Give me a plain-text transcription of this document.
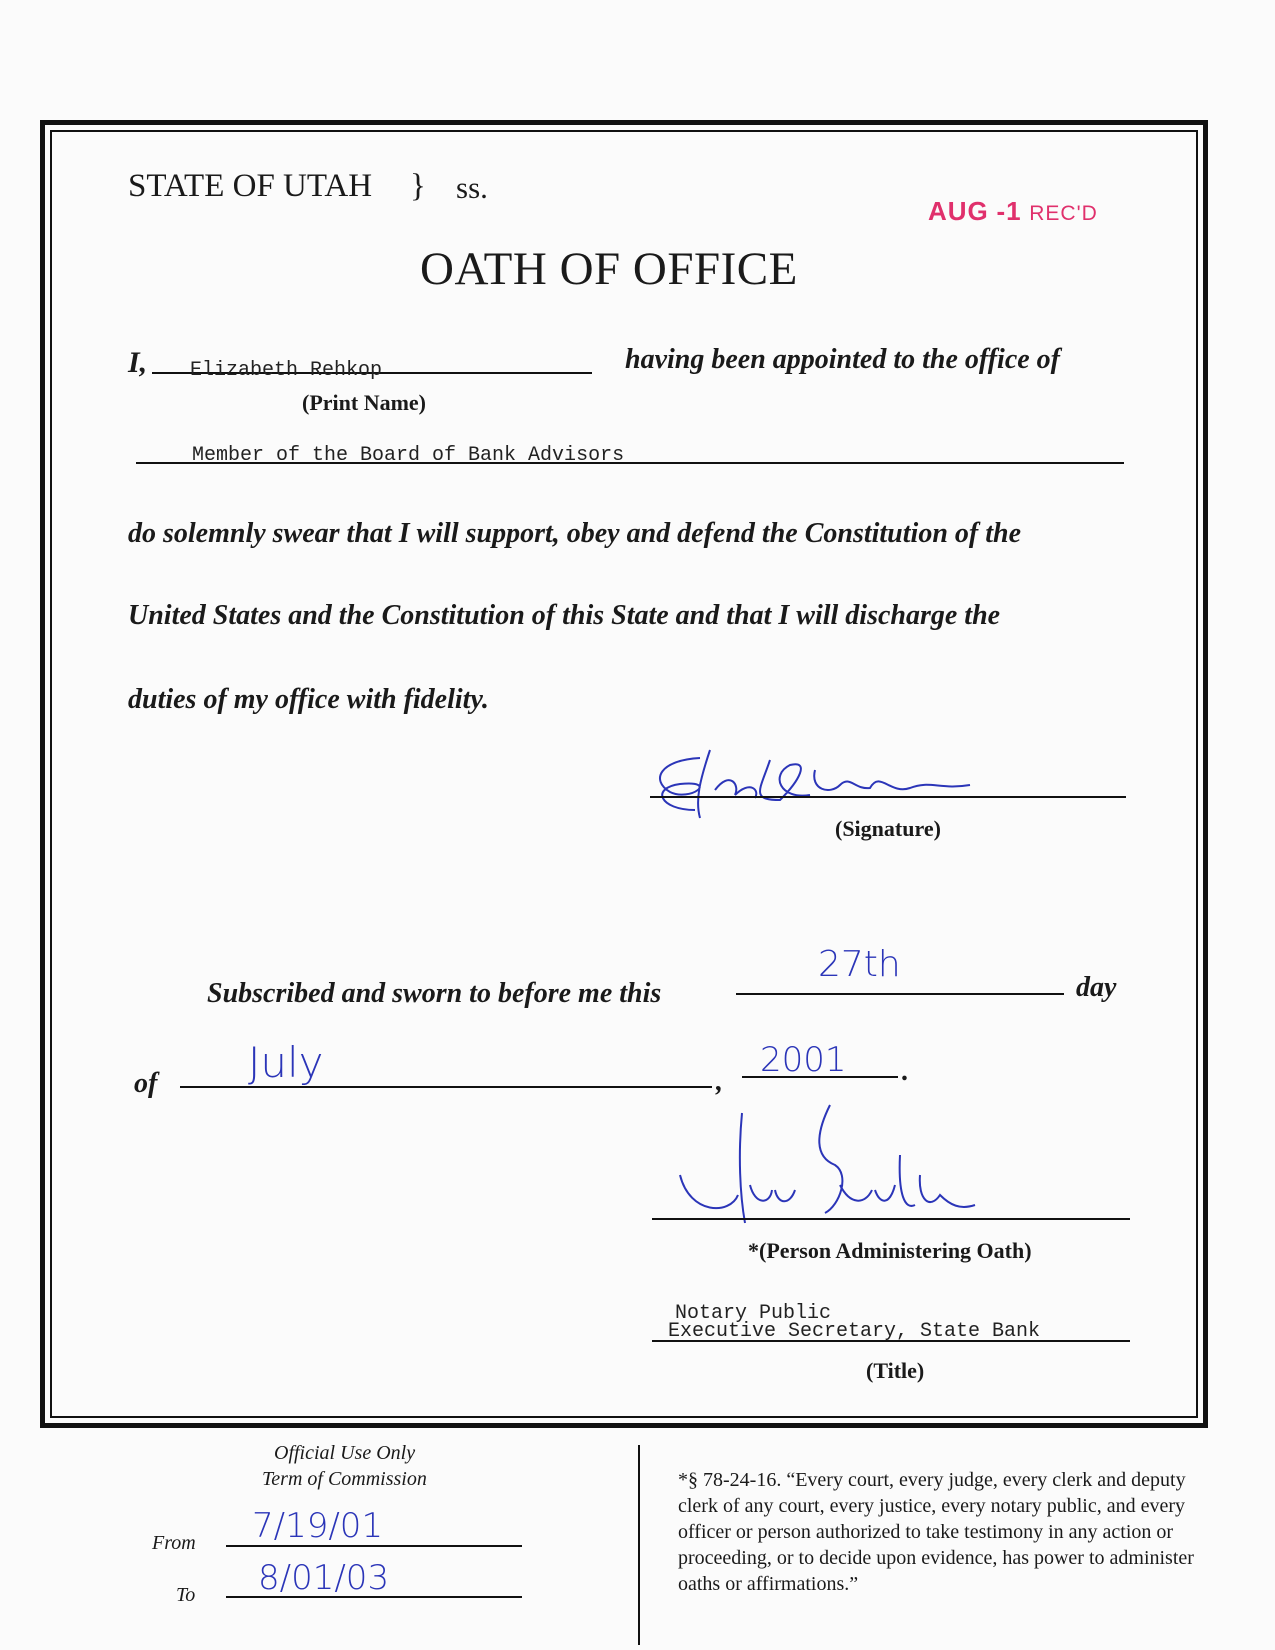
STATE OF UTAH } ss.
AUG -1 REC'D
OATH OF OFFICE
I, Elizabeth Rehkop
(Print Name)
having been appointed to the office of
Member of the Board of Bank Advisors
do solemnly swear that I will support, obey and defend the Constitution of the
United States and the Constitution of this State and that I will discharge the
duties of my office with fidelity.
(Signature)
Subscribed and sworn to before me this
27th
day
of July	,
2001 .
*(Person Administering Oath)
Notary Public
Executive Secretary, State Bank
(Title)
Official Use Only
Term of Commission
From 7/19/01
To 8/01/03
*§ 78-24-16. “Every court, every judge, every clerk and deputy clerk of any court, every justice, every notary public, and every officer or person authorized to take testimony in any action or proceeding, or to decide upon evidence, has power to administer oaths or affirmations.”
